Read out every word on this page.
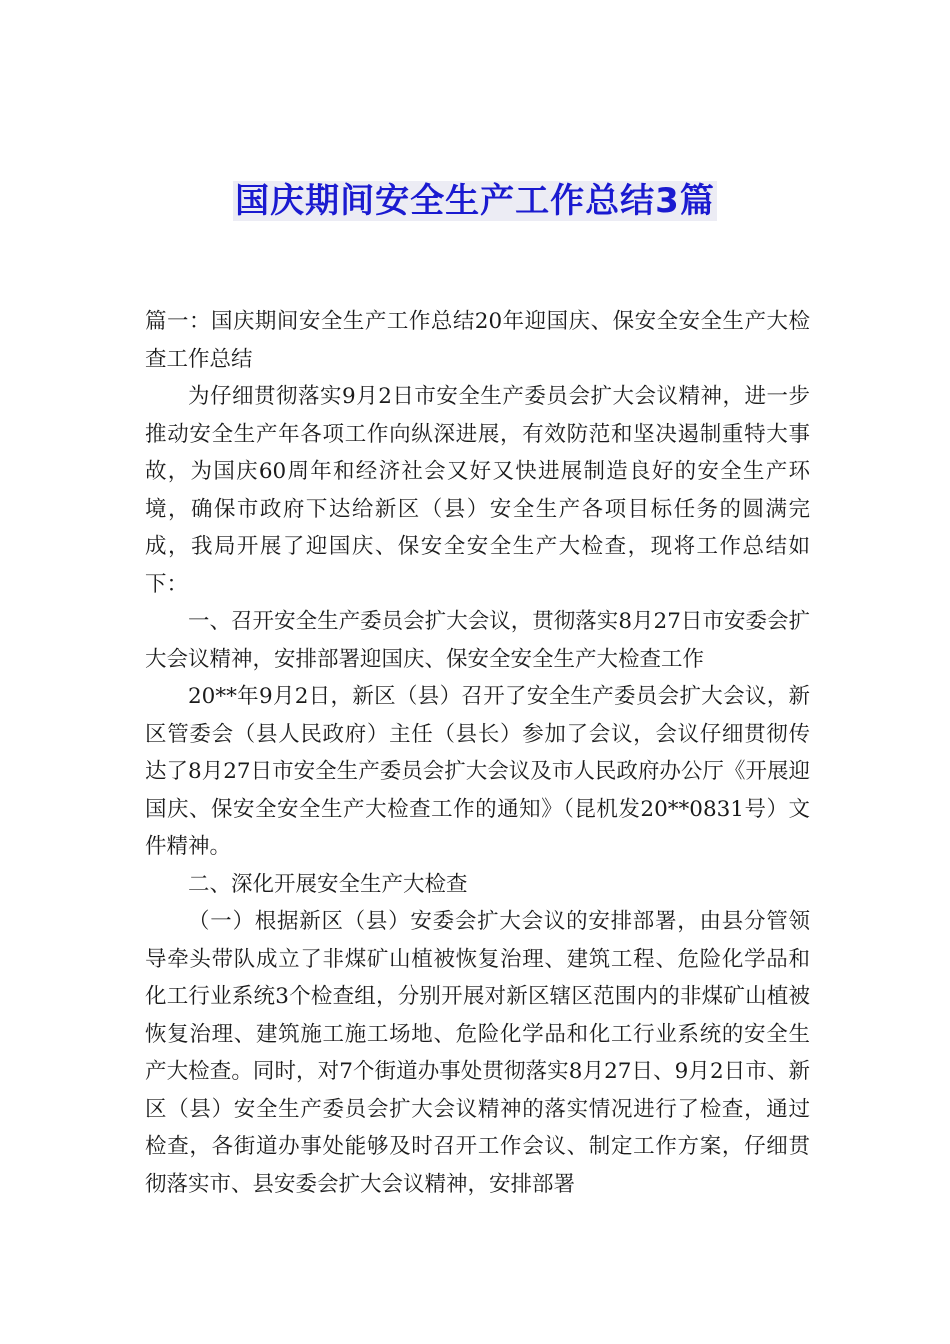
国庆期间安全生产工作总结3篇

篇一：国庆期间安全生产工作总结20年迎国庆、保安全安全生产大检查工作总结

为仔细贯彻落实9月2日市安全生产委员会扩大会议精神，进一步推动安全生产年各项工作向纵深进展，有效防范和坚决遏制重特大事故，为国庆60周年和经济社会又好又快进展制造良好的安全生产环境，确保市政府下达给新区（县）安全生产各项目标任务的圆满完成，我局开展了迎国庆、保安全安全生产大检查，现将工作总结如下：

一、召开安全生产委员会扩大会议，贯彻落实8月27日市安委会扩大会议精神，安排部署迎国庆、保安全安全生产大检查工作

20**年9月2日，新区（县）召开了安全生产委员会扩大会议，新区管委会（县人民政府）主任（县长）参加了会议，会议仔细贯彻传达了8月27日市安全生产委员会扩大会议及市人民政府办公厅《开展迎国庆、保安全安全生产大检查工作的通知》（昆机发20**0831号）文件精神。

二、深化开展安全生产大检查

（一）根据新区（县）安委会扩大会议的安排部署，由县分管领导牵头带队成立了非煤矿山植被恢复治理、建筑工程、危险化学品和化工行业系统3个检查组，分别开展对新区辖区范围内的非煤矿山植被恢复治理、建筑施工施工场地、危险化学品和化工行业系统的安全生产大检查。同时，对7个街道办事处贯彻落实8月27日、9月2日市、新区（县）安全生产委员会扩大会议精神的落实情况进行了检查，通过检查，各街道办事处能够及时召开工作会议、制定工作方案，仔细贯彻落实市、县安委会扩大会议精神，安排部署
